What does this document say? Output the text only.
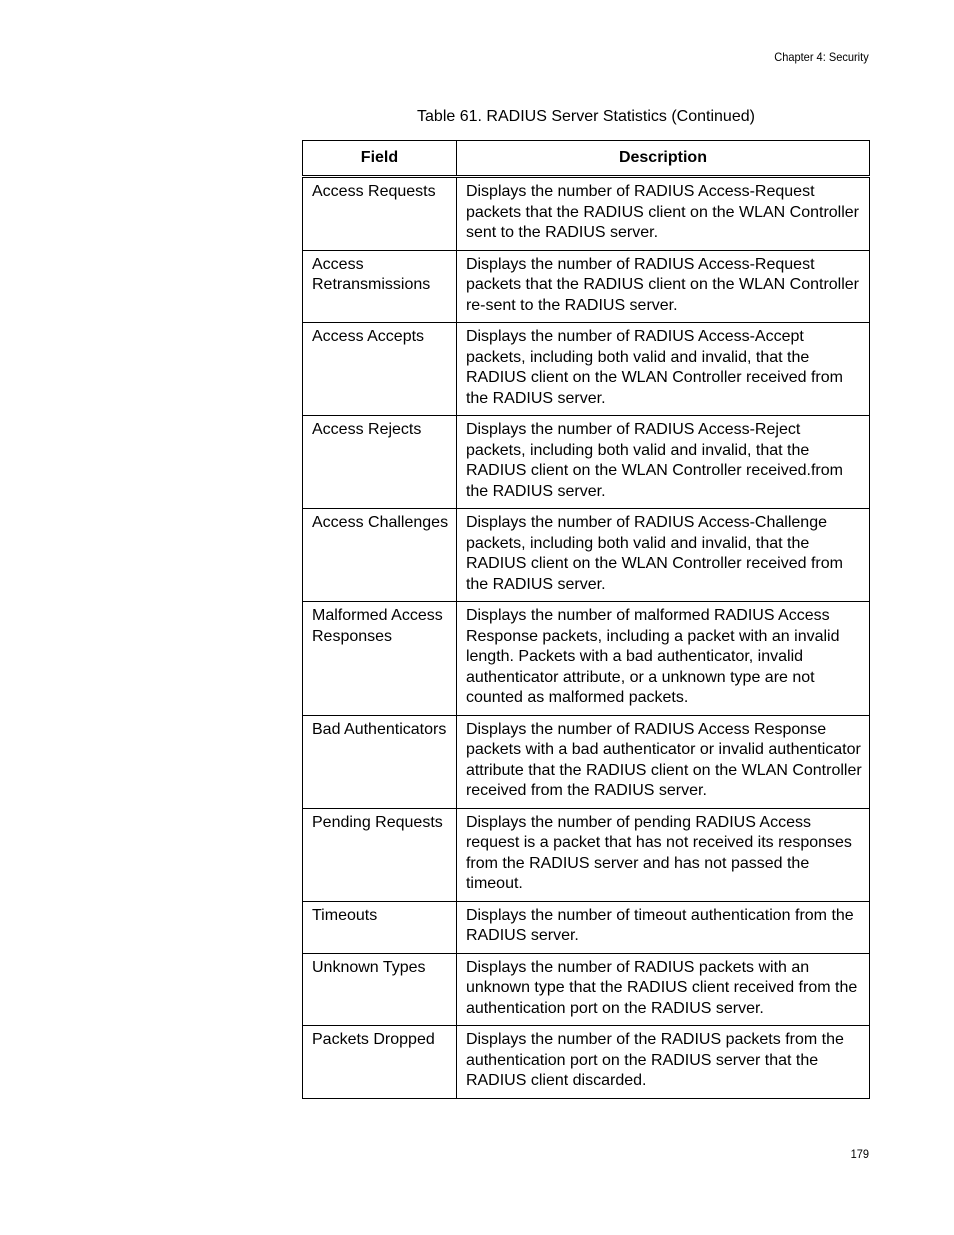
Chapter 4: Security
Table 61. RADIUS Server Statistics (Continued)
Field	Description
Access Requests	Displays the number of RADIUS Access-Request packets that the RADIUS client on the WLAN Controller sent to the RADIUS server.
Access Retransmissions	Displays the number of RADIUS Access-Request packets that the RADIUS client on the WLAN Controller re-sent to the RADIUS server.
Access Accepts	Displays the number of RADIUS Access-Accept packets, including both valid and invalid, that the RADIUS client on the WLAN Controller received from the RADIUS server.
Access Rejects	Displays the number of RADIUS Access-Reject packets, including both valid and invalid, that the RADIUS client on the WLAN Controller received.from the RADIUS server.
Access Challenges	Displays the number of RADIUS Access-Challenge packets, including both valid and invalid, that the RADIUS client on the WLAN Controller received from the RADIUS server.
Malformed Access Responses	Displays the number of malformed RADIUS Access Response packets, including a packet with an invalid length. Packets with a bad authenticator, invalid authenticator attribute, or a unknown type are not counted as malformed packets.
Bad Authenticators	Displays the number of RADIUS Access Response packets with a bad authenticator or invalid authenticator attribute that the RADIUS client on the WLAN Controller received from the RADIUS server.
Pending Requests	Displays the number of pending RADIUS Access request is a packet that has not received its responses from the RADIUS server and has not passed the timeout.
Timeouts	Displays the number of timeout authentication from the RADIUS server.
Unknown Types	Displays the number of RADIUS packets with an unknown type that the RADIUS client received from the authentication port on the RADIUS server.
Packets Dropped	Displays the number of the RADIUS packets from the authentication port on the RADIUS server that the RADIUS client discarded.
179
